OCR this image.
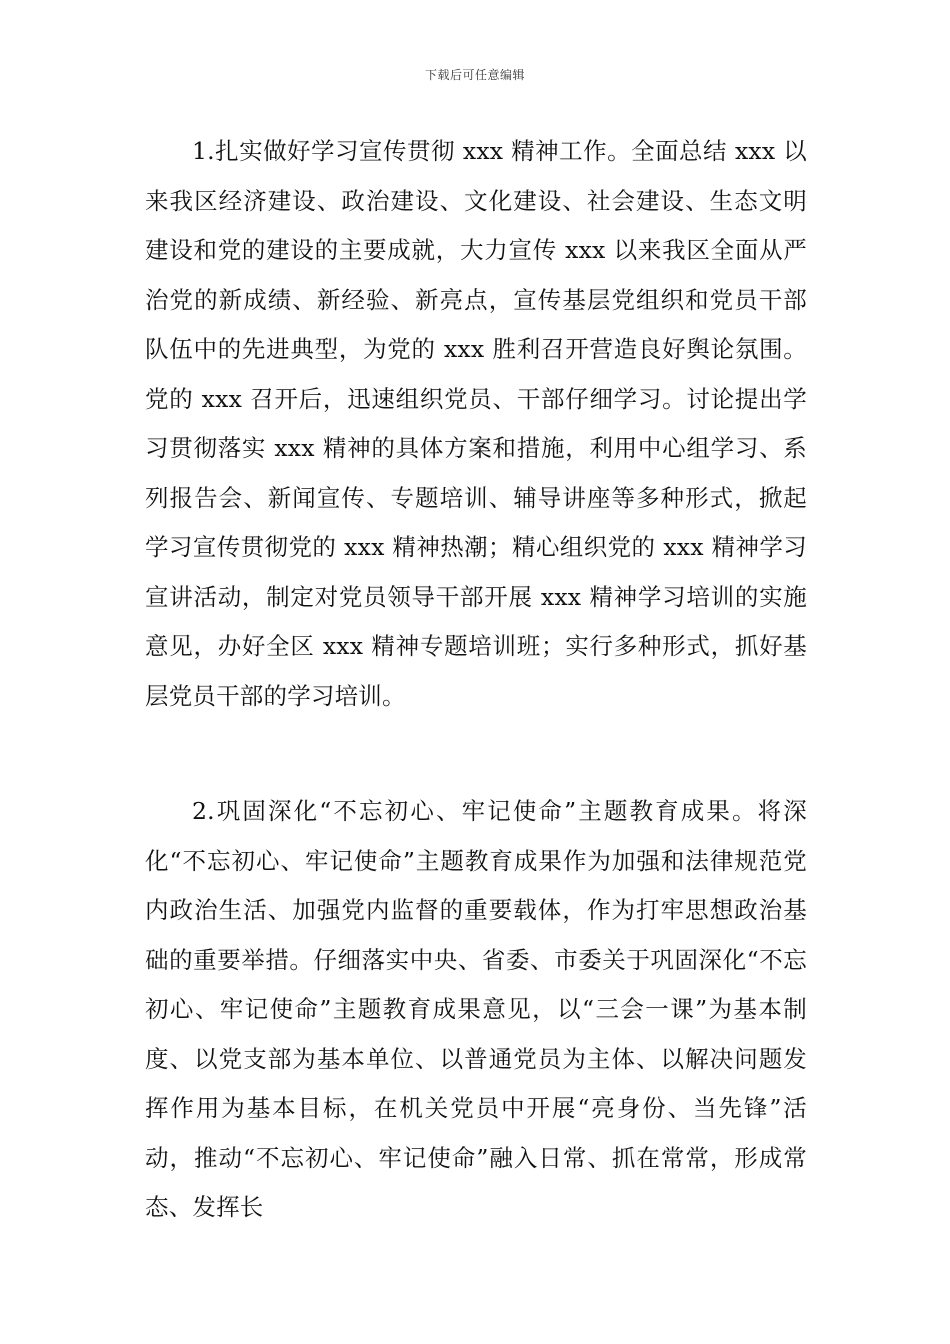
下载后可任意编辑

1.扎实做好学习宣传贯彻 xxx 精神工作。全面总结 xxx 以来我区经济建设、政治建设、文化建设、社会建设、生态文明建设和党的建设的主要成就，大力宣传 xxx 以来我区全面从严治党的新成绩、新经验、新亮点，宣传基层党组织和党员干部队伍中的先进典型，为党的 xxx 胜利召开营造良好舆论氛围。党的 xxx 召开后，迅速组织党员、干部仔细学习。讨论提出学习贯彻落实 xxx 精神的具体方案和措施，利用中心组学习、系列报告会、新闻宣传、专题培训、辅导讲座等多种形式，掀起学习宣传贯彻党的 xxx 精神热潮；精心组织党的 xxx 精神学习宣讲活动，制定对党员领导干部开展 xxx 精神学习培训的实施意见，办好全区 xxx 精神专题培训班；实行多种形式，抓好基层党员干部的学习培训。

2.巩固深化“不忘初心、牢记使命”主题教育成果。将深化“不忘初心、牢记使命”主题教育成果作为加强和法律规范党内政治生活、加强党内监督的重要载体，作为打牢思想政治基础的重要举措。仔细落实中央、省委、市委关于巩固深化“不忘初心、牢记使命”主题教育成果意见，以“三会一课”为基本制度、以党支部为基本单位、以普通党员为主体、以解决问题发挥作用为基本目标，在机关党员中开展“亮身份、当先锋”活动，推动“不忘初心、牢记使命”融入日常、抓在常常，形成常态、发挥长
